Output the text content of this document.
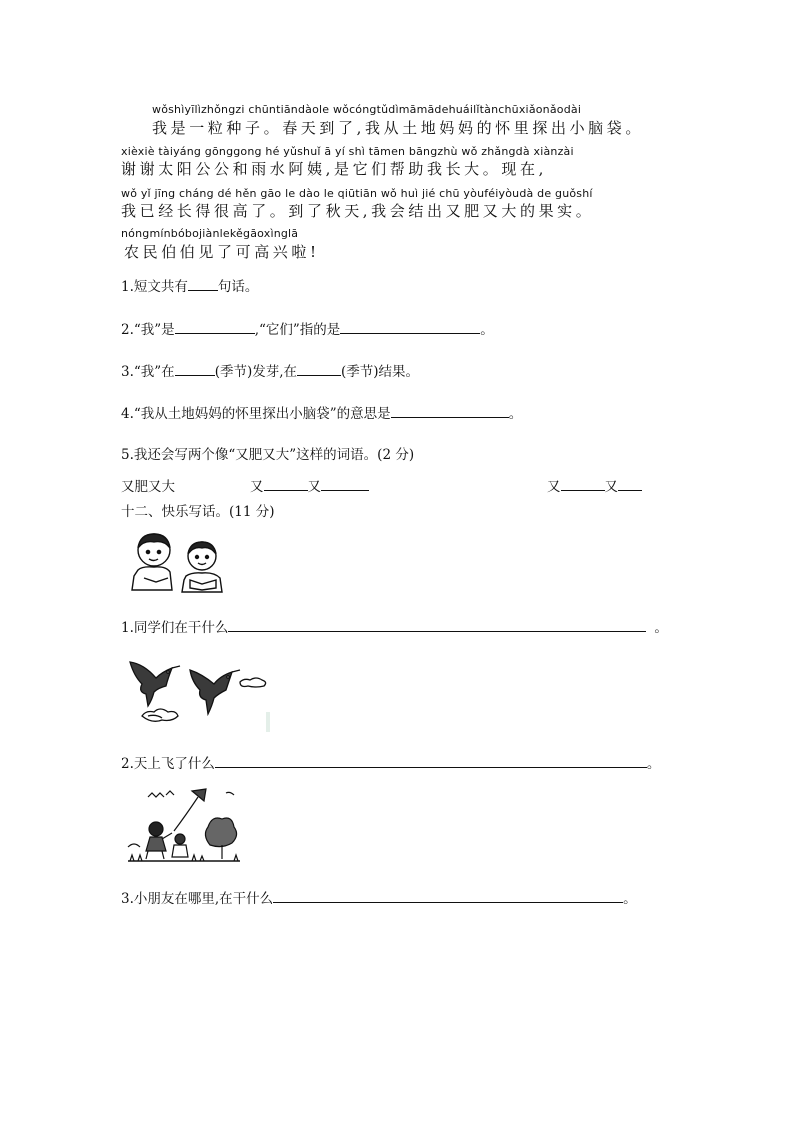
wǒshìyīlìzhǒngzi chūntiāndàole wǒcóngtǔdìmāmādehuáilǐtànchūxiǎonǎodài
我是一粒种子。春天到了,我从土地妈妈的怀里探出小脑袋。
xièxiè tàiyáng gōnggong hé yǔshuǐ ā yí shì tāmen bāngzhù wǒ zhǎngdà xiànzài
谢谢太阳公公和雨水阿姨,是它们帮助我长大。现在,
wǒ yǐ jīng cháng dé hěn gāo le dào le qiūtiān wǒ huì jié chū yòuféiyòudà de guǒshí
我已经长得很高了。到了秋天,我会结出又肥又大的果实。
nóngmínbóbojiànlekěgāoxìnglā
农民伯伯见了可高兴啦!
1.短文共有 句话。
2.“我”是	,“它们”指的是	。
3.“我”在	(季节)发芽,在	(季节)结果。
4.“我从土地妈妈的怀里探出小脑袋”的意思是	。
5.我还会写两个像“又肥又大”这样的词语。(2 分)
又肥又大	又	又	又	又
十二、快乐写话。(11 分)
1.同学们在干什么	。
2.天上飞了什么	。
3.小朋友在哪里,在干什么	。
